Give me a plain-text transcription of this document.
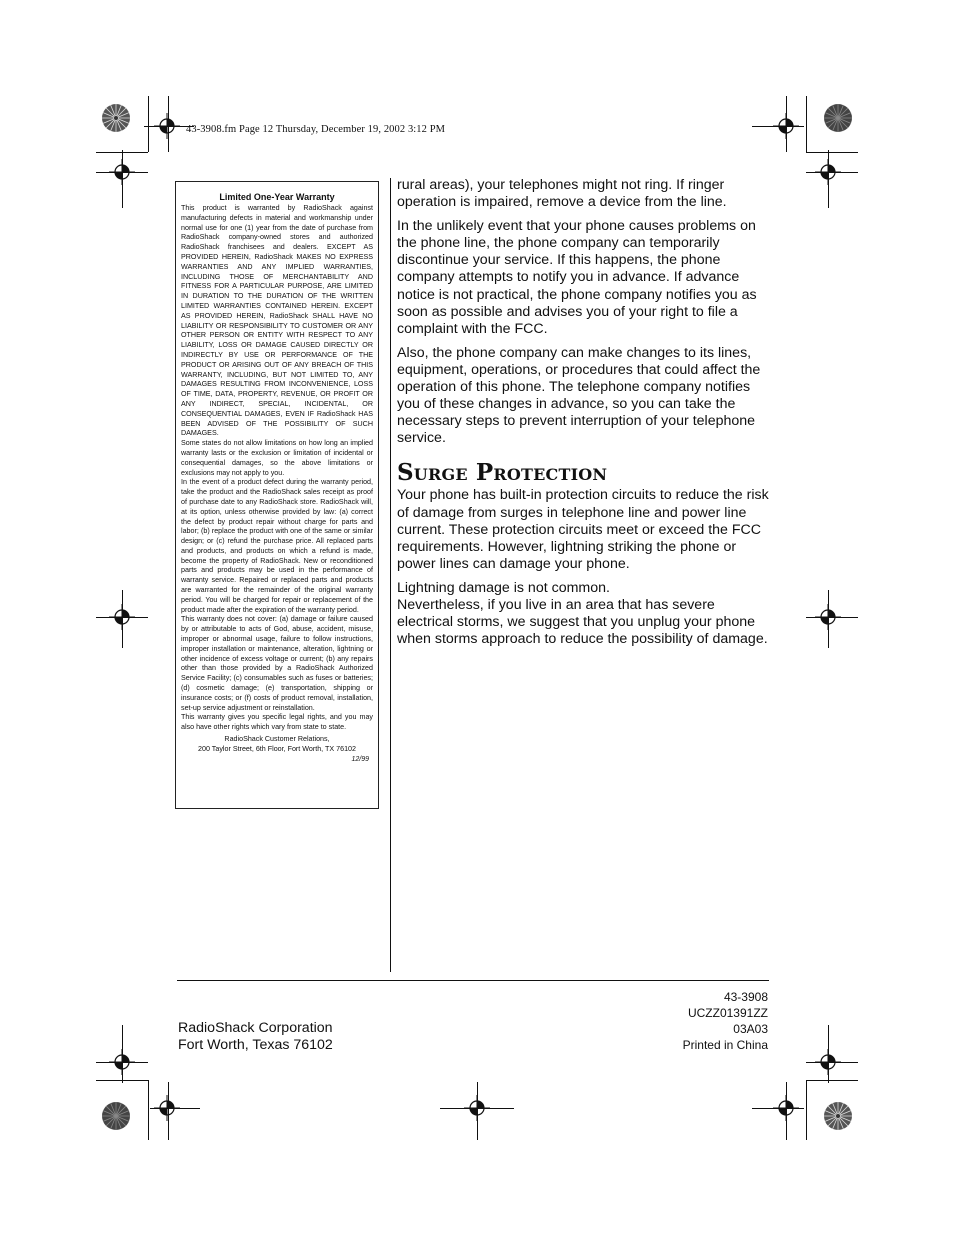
43-3908.fm Page 12 Thursday, December 19, 2002 3:12 PM
Limited One-Year Warranty

This product is warranted by RadioShack against manufacturing defects in material and workmanship under normal use for one (1) year from the date of purchase from RadioShack company-owned stores and authorized RadioShack franchisees and dealers. EXCEPT AS PROVIDED HEREIN, RadioShack MAKES NO EXPRESS WARRANTIES AND ANY IMPLIED WARRANTIES, INCLUDING THOSE OF MERCHANTABILITY AND FITNESS FOR A PARTICULAR PURPOSE, ARE LIMITED IN DURATION TO THE DURATION OF THE WRITTEN LIMITED WARRANTIES CONTAINED HEREIN. EXCEPT AS PROVIDED HEREIN, RadioShack SHALL HAVE NO LIABILITY OR RESPONSIBILITY TO CUSTOMER OR ANY OTHER PERSON OR ENTITY WITH RESPECT TO ANY LIABILITY, LOSS OR DAMAGE CAUSED DIRECTLY OR INDIRECTLY BY USE OR PERFORMANCE OF THE PRODUCT OR ARISING OUT OF ANY BREACH OF THIS WARRANTY, INCLUDING, BUT NOT LIMITED TO, ANY DAMAGES RESULTING FROM INCONVENIENCE, LOSS OF TIME, DATA, PROPERTY, REVENUE, OR PROFIT OR ANY INDIRECT, SPECIAL, INCIDENTAL, OR CONSEQUENTIAL DAMAGES, EVEN IF RadioShack HAS BEEN ADVISED OF THE POSSIBILITY OF SUCH DAMAGES.

Some states do not allow limitations on how long an implied warranty lasts or the exclusion or limitation of incidental or consequential damages, so the above limitations or exclusions may not apply to you.

In the event of a product defect during the warranty period, take the product and the RadioShack sales receipt as proof of purchase date to any RadioShack store. RadioShack will, at its option, unless otherwise provided by law: (a) correct the defect by product repair without charge for parts and labor; (b) replace the product with one of the same or similar design; or (c) refund the purchase price. All replaced parts and products, and products on which a refund is made, become the property of RadioShack. New or reconditioned parts and products may be used in the performance of warranty service. Repaired or replaced parts and products are warranted for the remainder of the original warranty period. You will be charged for repair or replacement of the product made after the expiration of the warranty period.

This warranty does not cover: (a) damage or failure caused by or attributable to acts of God, abuse, accident, misuse, improper or abnormal usage, failure to follow instructions, improper installation or maintenance, alteration, lightning or other incidence of excess voltage or current; (b) any repairs other than those provided by a RadioShack Authorized Service Facility; (c) consumables such as fuses or batteries; (d) cosmetic damage; (e) transportation, shipping or insurance costs; or (f) costs of product removal, installation, set-up service adjustment or reinstallation.

This warranty gives you specific legal rights, and you may also have other rights which vary from state to state.

RadioShack Customer Relations,
200 Taylor Street, 6th Floor, Fort Worth, TX 76102
12/99

rural areas), your telephones might not ring. If ringer operation is impaired, remove a device from the line.

In the unlikely event that your phone causes problems on the phone line, the phone company can temporarily discontinue your service. If this happens, the phone company attempts to notify you in advance. If advance notice is not practical, the phone company notifies you as soon as possible and advises you of your right to file a complaint with the FCC.

Also, the phone company can make changes to its lines, equipment, operations, or procedures that could affect the operation of this phone. The telephone company notifies you of these changes in advance, so you can take the necessary steps to prevent interruption of your telephone service.

Surge Protection

Your phone has built-in protection circuits to reduce the risk of damage from surges in telephone line and power line current. These protection circuits meet or exceed the FCC requirements. However, lightning striking the phone or power lines can damage your phone.

Lightning damage is not common.

Nevertheless, if you live in an area that has severe electrical storms, we suggest that you unplug your phone when storms approach to reduce the possibility of damage.

RadioShack Corporation
Fort Worth, Texas 76102
43-3908
UCZZ01391ZZ
03A03
Printed in China
